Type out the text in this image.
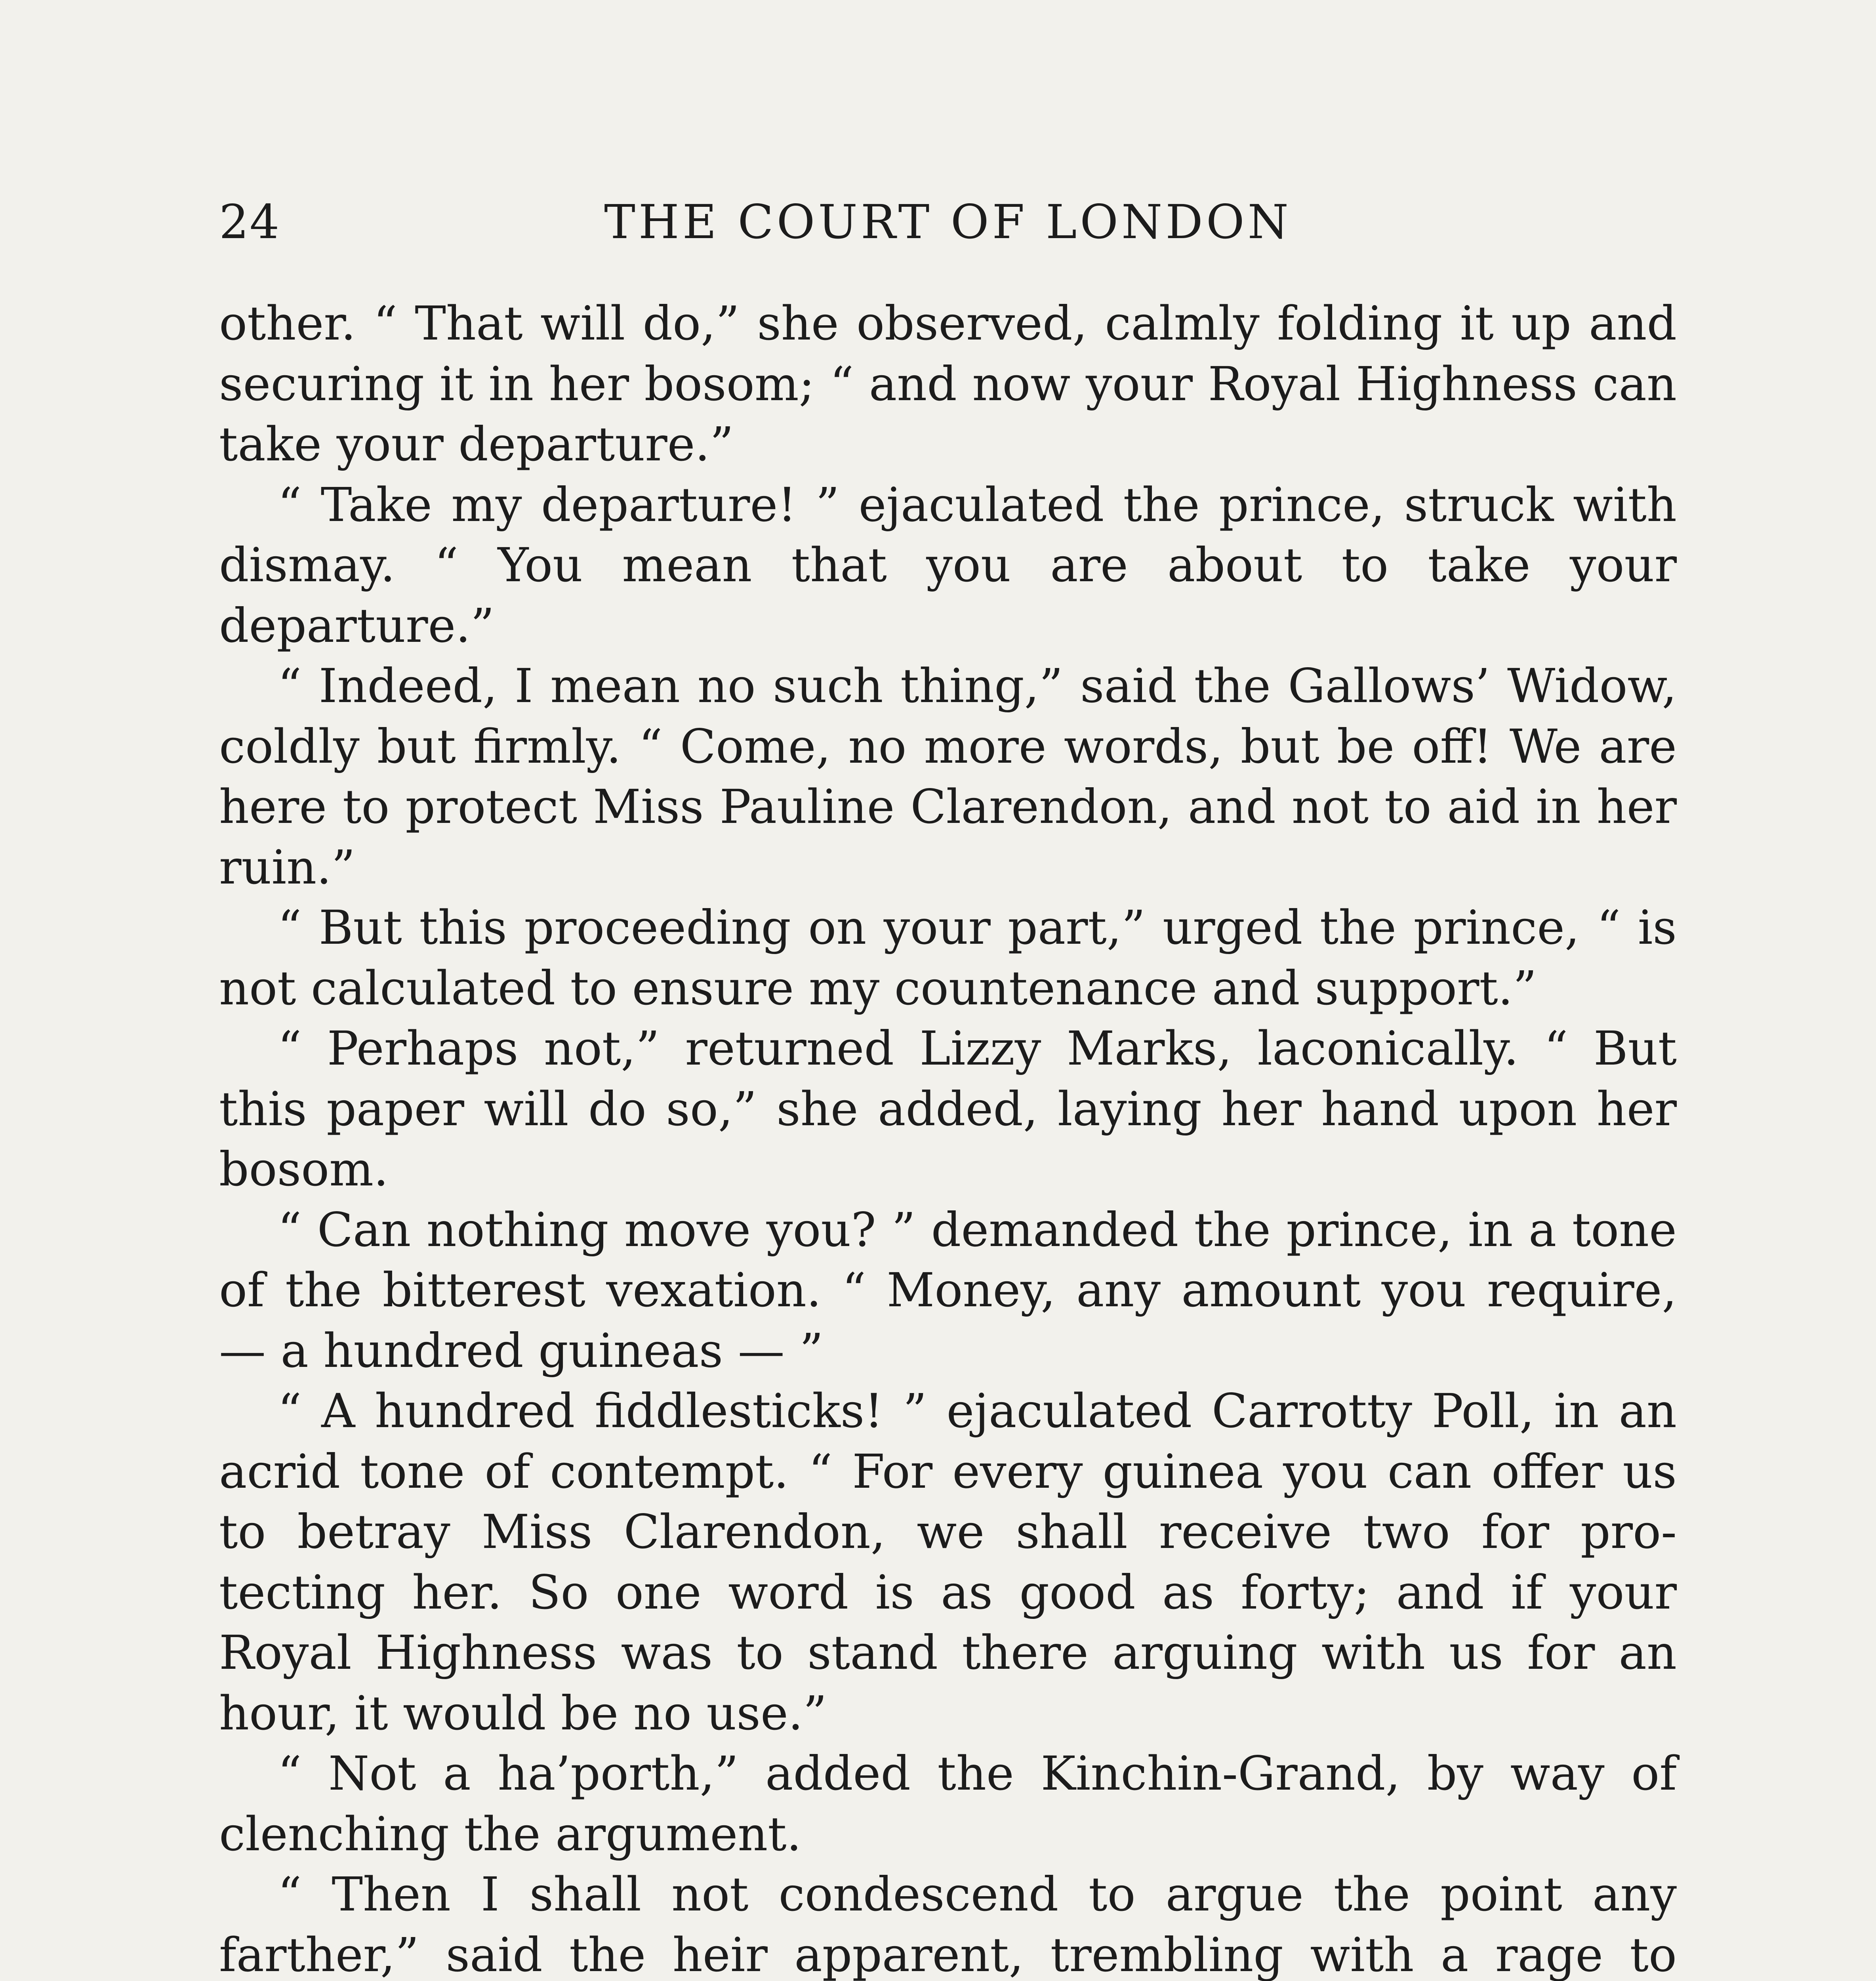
24	THE COURT OF LONDON

other. “ That will do,” she observed, calmly folding it up and securing it in her bosom; “ and now your Royal Highness can take your departure.”

“ Take my departure! ” ejaculated the prince, struck with dismay. “ You mean that you are about to take your departure.”

“ Indeed, I mean no such thing,” said the Gallows’ Widow, coldly but firmly. “ Come, no more words, but be off! We are here to protect Miss Pauline Clarendon, and not to aid in her ruin.”

“ But this proceeding on your part,” urged the prince, “ is not calculated to ensure my countenance and support.”

“ Perhaps not,” returned Lizzy Marks, laconically. “ But this paper will do so,” she added, laying her hand upon her bosom.

“ Can nothing move you? ” demanded the prince, in a tone of the bitterest vexation. “ Money, any amount you require, — a hundred guineas — ”

“ A hundred fiddlesticks! ” ejaculated Carrotty Poll, in an acrid tone of contempt. “ For every guinea you can offer us to betray Miss Clarendon, we shall receive two for protecting her. So one word is as good as forty; and if your Royal Highness was to stand there arguing with us for an hour, it would be no use.”

“ Not a ha’porth,” added the Kinchin-Grand, by way of clenching the argument.

“ Then I shall not condescend to argue the point any farther,” said the heir apparent, trembling with a rage to
